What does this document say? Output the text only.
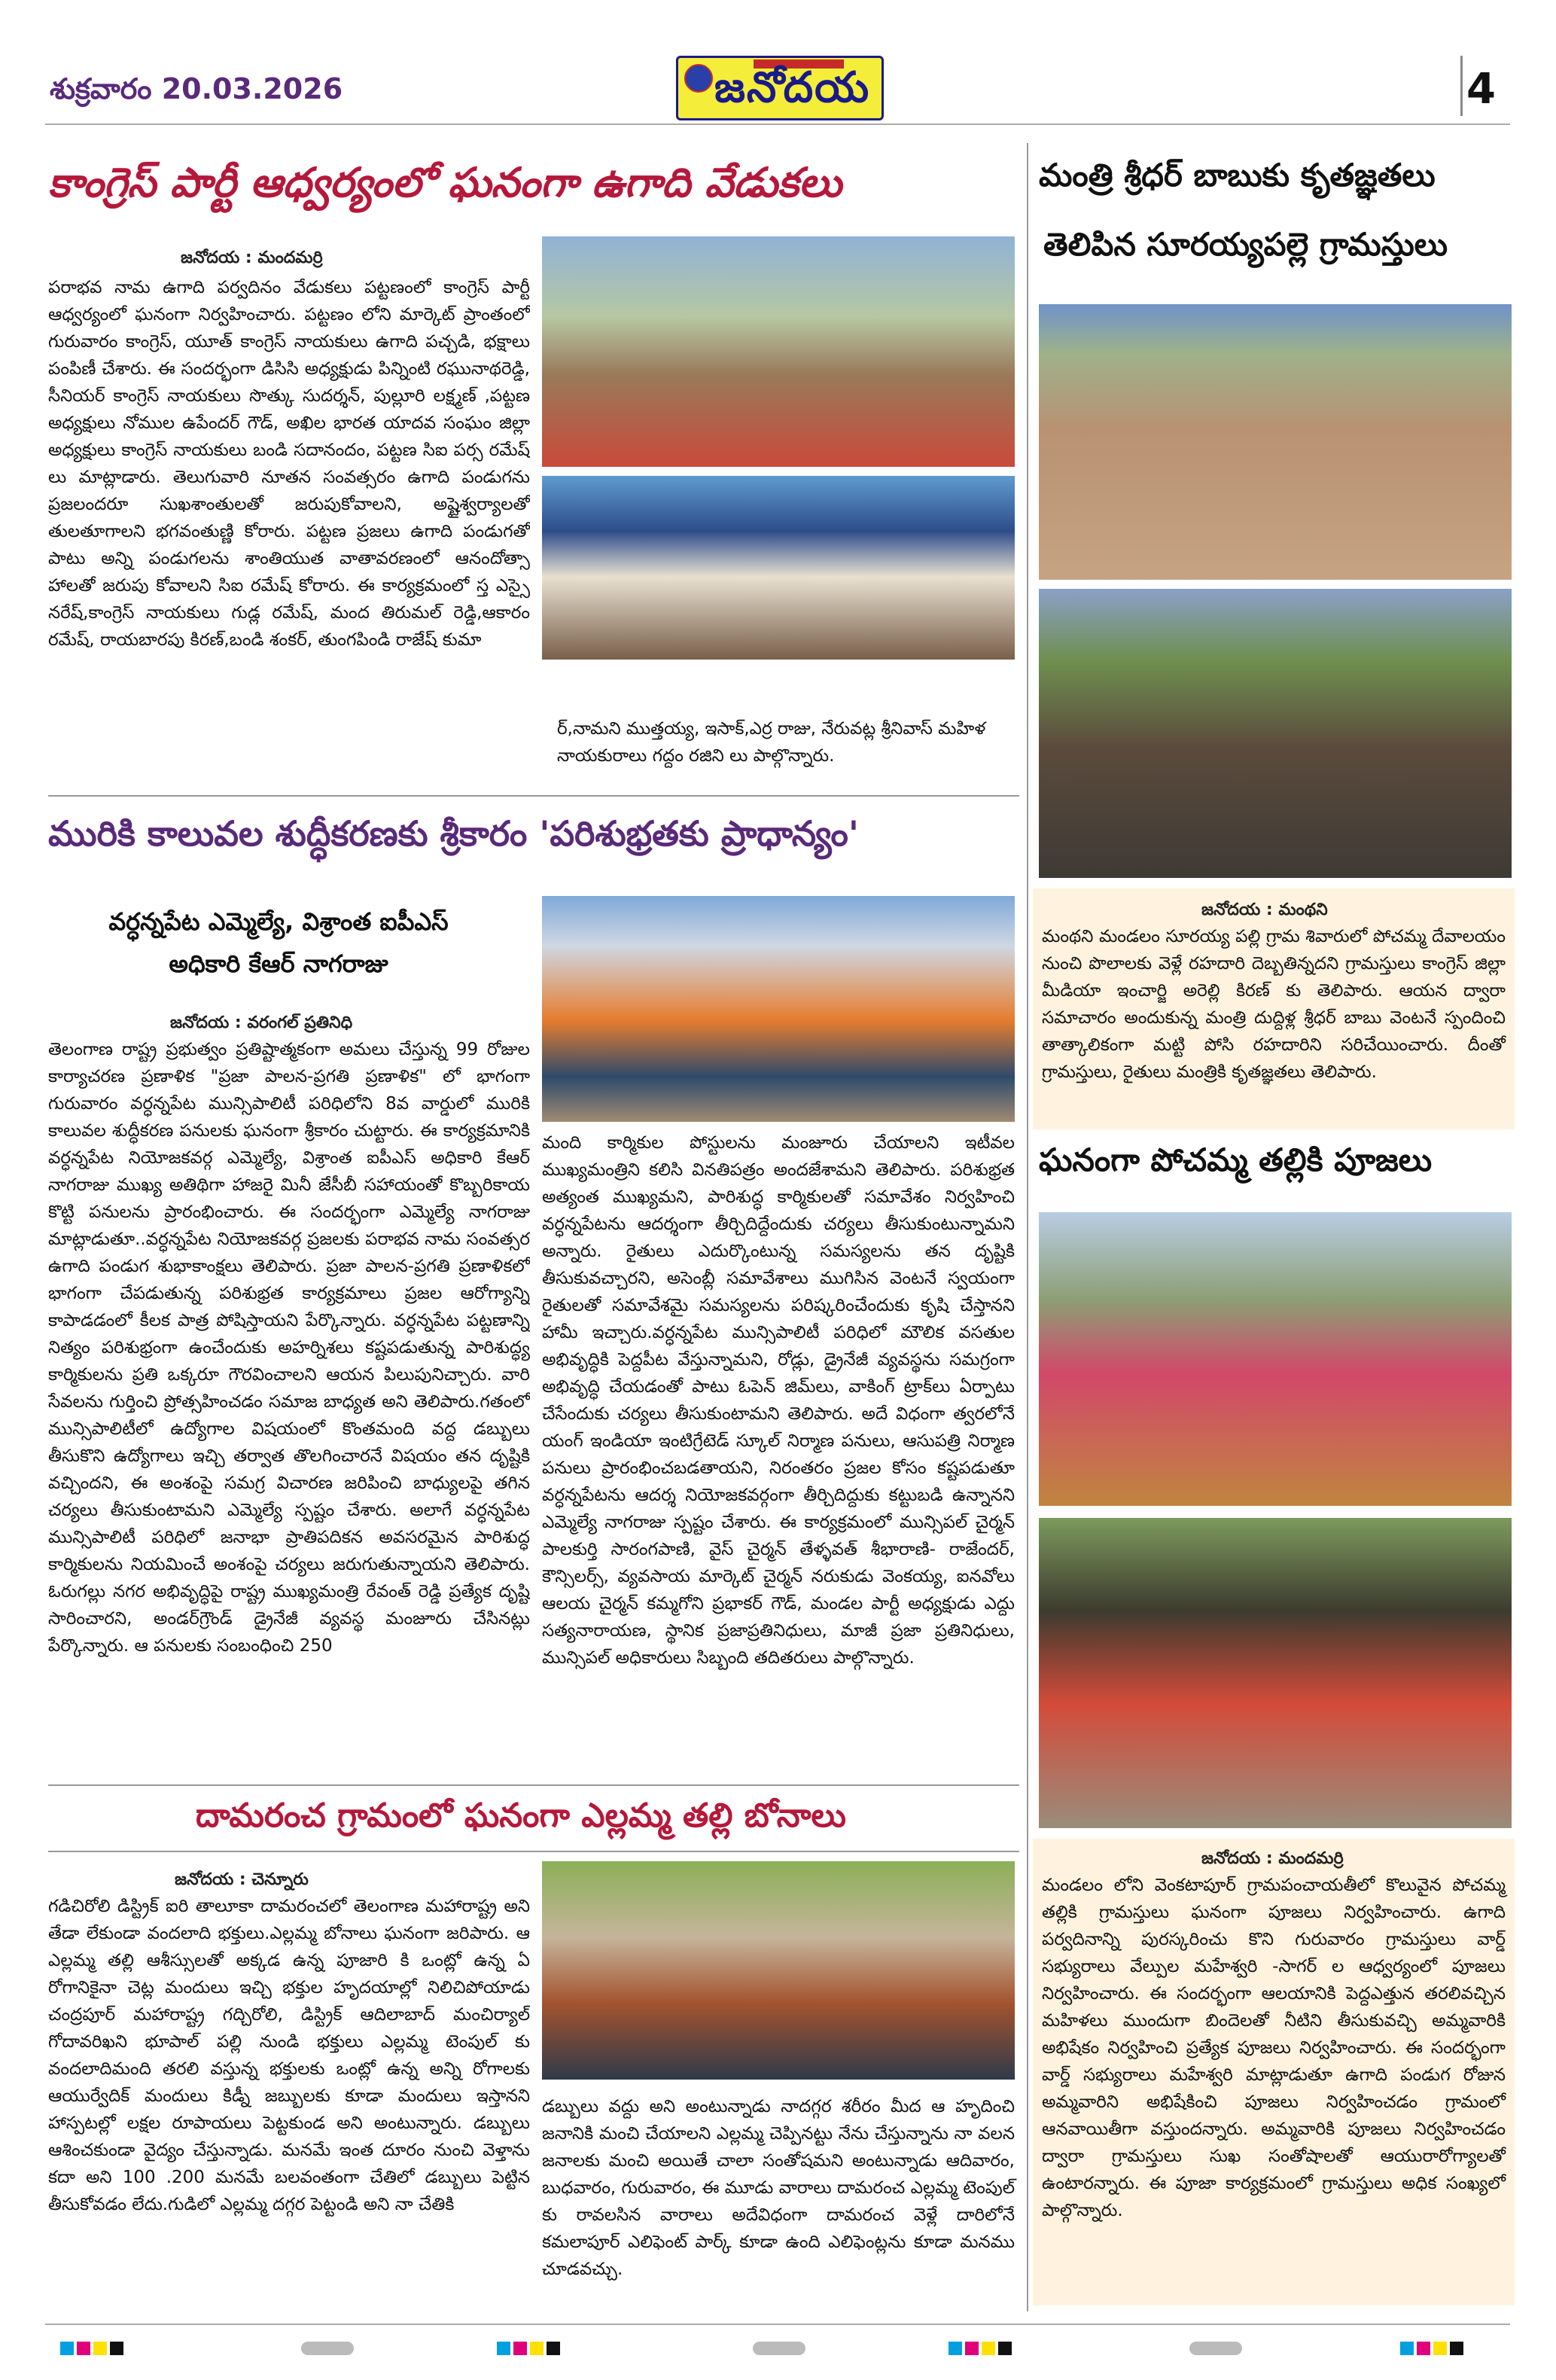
శుక్రవారం 20.03.2026	జనోదయ	4
కాంగ్రెస్ పార్టీ ఆధ్వర్యంలో ఘనంగా ఉగాది వేడుకలు
జనోదయ : మందమర్రి
పరాభవ నామ ఉగాది పర్వదినం వేడుకలు పట్టణంలో కాంగ్రెస్ పార్టీ ఆధ్వర్యంలో ఘనంగా నిర్వహించారు. పట్టణం లోని మార్కెట్ ప్రాంతంలో గురువారం కాంగ్రెస్, యూత్ కాంగ్రెస్ నాయకులు ఉగాది పచ్చడి, భక్షాలు పంపిణీ చేశారు. ఈ సందర్భంగా డిసిసి అధ్యక్షుడు పిన్నింటి రఘునాథరెడ్డి, సీనియర్ కాంగ్రెస్ నాయకులు సొత్కు సుదర్శన్, పుల్లూరి లక్ష్మణ్ ,పట్టణ అధ్యక్షులు నోముల ఉపేందర్ గౌడ్, అఖిల భారత యాదవ సంఘం జిల్లా అధ్యక్షులు కాంగ్రెస్ నాయకులు బండి సదానందం, పట్టణ సిఐ పర్స రమేష్ లు మాట్లాడారు. తెలుగువారి నూతన సంవత్సరం ఉగాది పండుగను ప్రజలందరూ సుఖశాంతులతో జరుపుకోవాలని, అష్టైశ్వర్యాలతో తులతూగాలని భగవంతుణ్ణి కోరారు. పట్టణ ప్రజలు ఉగాది పండుగతో పాటు అన్ని పండుగలను శాంతియుత వాతావరణంలో ఆనందోత్సా హాలతో జరుపు కోవాలని సిఐ రమేష్ కోరారు. ఈ కార్యక్రమంలో స్త ఎస్సై నరేష్,కాంగ్రెస్ నాయకులు గుడ్ల రమేష్, మంద తిరుమల్ రెడ్డి,ఆకారం రమేష్, రాయబారపు కిరణ్,బండి శంకర్, తుంగపిండి రాజేష్ కుమా
ర్,నామని ముత్తయ్య, ఇసాక్,ఎర్ర రాజు, నేరువట్ల శ్రీనివాస్ మహిళ నాయకురాలు గద్దం రజిని లు పాల్గొన్నారు.
మంత్రి శ్రీధర్ బాబుకు కృతజ్ఞతలు
తెలిపిన సూరయ్యపల్లె గ్రామస్తులు
జనోదయ : మంథని
మంథని మండలం సూరయ్య పల్లి గ్రామ శివారులో పోచమ్మ దేవాలయం నుంచి పొలాలకు వెళ్లే రహదారి దెబ్బతిన్నదని గ్రామస్తులు కాంగ్రెస్ జిల్లా మీడియా ఇంచార్జి అరెల్లి కిరణ్ కు తెలిపారు. ఆయన ద్వారా సమాచారం అందుకున్న మంత్రి దుద్దిళ్ల శ్రీధర్ బాబు వెంటనే స్పందించి తాత్కాలికంగా మట్టి పోసి రహదారిని సరిచేయించారు. దీంతో గ్రామస్తులు, రైతులు మంత్రికి కృతజ్ఞతలు తెలిపారు.
మురికి కాలువల శుద్ధీకరణకు శ్రీకారం 'పరిశుభ్రతకు ప్రాధాన్యం'
వర్ధన్నపేట ఎమ్మెల్యే, విశ్రాంత ఐపీఎస్ అధికారి కేఆర్ నాగరాజు
జనోదయ : వరంగల్ ప్రతినిధి
తెలంగాణ రాష్ట్ర ప్రభుత్వం ప్రతిష్టాత్మకంగా అమలు చేస్తున్న 99 రోజుల కార్యాచరణ ప్రణాళిక "ప్రజా పాలన-ప్రగతి ప్రణాళిక" లో భాగంగా గురువారం వర్ధన్నపేట మున్సిపాలిటీ పరిధిలోని 8వ వార్డులో మురికి కాలువల శుద్ధీకరణ పనులకు ఘనంగా శ్రీకారం చుట్టారు. ఈ కార్యక్రమానికి వర్ధన్నపేట నియోజకవర్గ ఎమ్మెల్యే, విశ్రాంత ఐపీఎస్ అధికారి కేఆర్ నాగరాజు ముఖ్య అతిథిగా హాజరై మినీ జేసీబీ సహాయంతో కొబ్బరికాయ కొట్టి పనులను ప్రారంభించారు. ఈ సందర్భంగా ఎమ్మెల్యే నాగరాజు మాట్లాడుతూ..వర్ధన్నపేట నియోజకవర్గ ప్రజలకు పరాభవ నామ సంవత్సర ఉగాది పండుగ శుభాకాంక్షలు తెలిపారు. ప్రజా పాలన-ప్రగతి ప్రణాళికలో భాగంగా చేపడుతున్న పరిశుభ్రత కార్యక్రమాలు ప్రజల ఆరోగ్యాన్ని కాపాడడంలో కీలక పాత్ర పోషిస్తాయని పేర్కొన్నారు. వర్ధన్నపేట పట్టణాన్ని నిత్యం పరిశుభ్రంగా ఉంచేందుకు అహర్నిశలు కష్టపడుతున్న పారిశుద్ధ్య కార్మికులను ప్రతి ఒక్కరూ గౌరవించాలని ఆయన పిలుపునిచ్చారు. వారి సేవలను గుర్తించి ప్రోత్సహించడం సమాజ బాధ్యత అని తెలిపారు.గతంలో మున్సిపాలిటీలో ఉద్యోగాల విషయంలో కొంతమంది వద్ద డబ్బులు తీసుకొని ఉద్యోగాలు ఇచ్చి తర్వాత తొలగించారనే విషయం తన దృష్టికి వచ్చిందని, ఈ అంశంపై సమగ్ర విచారణ జరిపించి బాధ్యులపై తగిన చర్యలు తీసుకుంటామని ఎమ్మెల్యే స్పష్టం చేశారు. అలాగే వర్ధన్నపేట మున్సిపాలిటీ పరిధిలో జనాభా ప్రాతిపదికన అవసరమైన పారిశుద్ధ కార్మికులను నియమించే అంశంపై చర్యలు జరుగుతున్నాయని తెలిపారు. ఓరుగల్లు నగర అభివృద్ధిపై రాష్ట్ర ముఖ్యమంత్రి రేవంత్ రెడ్డి ప్రత్యేక దృష్టి సారించారని, అండర్‌గ్రౌండ్ డ్రైనేజీ వ్యవస్థ మంజూరు చేసినట్లు పేర్కొన్నారు. ఆ పనులకు సంబంధించి 250
మంది కార్మికుల పోస్టులను మంజూరు చేయాలని ఇటీవల ముఖ్యమంత్రిని కలిసి వినతిపత్రం అందజేశామని తెలిపారు. పరిశుభ్రత అత్యంత ముఖ్యమని, పారిశుద్ధ కార్మికులతో సమావేశం నిర్వహించి వర్ధన్నపేటను ఆదర్శంగా తీర్చిదిద్దేందుకు చర్యలు తీసుకుంటున్నామని అన్నారు. రైతులు ఎదుర్కొంటున్న సమస్యలను తన దృష్టికి తీసుకువచ్చారని, అసెంబ్లీ సమావేశాలు ముగిసిన వెంటనే స్వయంగా రైతులతో సమావేశమై సమస్యలను పరిష్కరించేందుకు కృషి చేస్తానని హామీ ఇచ్చారు.వర్ధన్నపేట మున్సిపాలిటీ పరిధిలో మౌలిక వసతుల అభివృద్ధికి పెద్దపీట వేస్తున్నామని, రోడ్లు, డ్రైనేజీ వ్యవస్థను సమగ్రంగా అభివృద్ధి చేయడంతో పాటు ఓపెన్ జిమ్‌లు, వాకింగ్ ట్రాక్‌లు ఏర్పాటు చేసేందుకు చర్యలు తీసుకుంటామని తెలిపారు. అదే విధంగా త్వరలోనే యంగ్ ఇండియా ఇంటిగ్రేటెడ్ స్కూల్ నిర్మాణ పనులు, ఆసుపత్రి నిర్మాణ పనులు ప్రారంభించబడతాయని, నిరంతరం ప్రజల కోసం కష్టపడుతూ వర్ధన్నపేటను ఆదర్శ నియోజకవర్గంగా తీర్చిదిద్దుకు కట్టుబడి ఉన్నానని ఎమ్మెల్యే నాగరాజు స్పష్టం చేశారు. ఈ కార్యక్రమంలో మున్సిపల్ చైర్మన్ పాలకుర్తి సారంగపాణి, వైస్ చైర్మన్ తేళ్ళవత్ శీభారాణి- రాజేందర్, కౌన్సిలర్స్, వ్యవసాయ మార్కెట్ చైర్మన్ నరుకుడు వెంకయ్య, ఐనవోలు ఆలయ చైర్మన్ కమ్మగోని ప్రభాకర్ గౌడ్, మండల పార్టీ అధ్యక్షుడు ఎద్దు సత్యనారాయణ, స్థానిక ప్రజాప్రతినిధులు, మాజీ ప్రజా ప్రతినిధులు, మున్సిపల్ అధికారులు సిబ్బంది తదితరులు పాల్గొన్నారు.
ఘనంగా పోచమ్మ తల్లికి పూజలు
జనోదయ : మందమర్రి
మండలం లోని వెంకటాపూర్ గ్రామపంచాయతీలో కొలువైన పోచమ్మ తల్లికి గ్రామస్తులు ఘనంగా పూజలు నిర్వహించారు. ఉగాది పర్వదినాన్ని పురస్కరించు కొని గురువారం గ్రామస్తులు వార్డ్ సభ్యురాలు వేల్పుల మహేశ్వరి -సాగర్ ల ఆధ్వర్యంలో పూజలు నిర్వహించారు. ఈ సందర్భంగా ఆలయానికి పెద్దఎత్తున తరలివచ్చిన మహిళలు ముందుగా బిందెలతో నీటిని తీసుకువచ్చి అమ్మవారికి అభిషేకం నిర్వహించి ప్రత్యేక పూజలు నిర్వహించారు. ఈ సందర్భంగా వార్డ్ సభ్యురాలు మహేశ్వరి మాట్లాడుతూ ఉగాది పండుగ రోజున అమ్మవారిని అభిషేకించి పూజలు నిర్వహించడం గ్రామంలో ఆనవాయితీగా వస్తుందన్నారు. అమ్మవారికి పూజలు నిర్వహించడం ద్వారా గ్రామస్తులు సుఖ సంతోషాలతో ఆయురారోగ్యాలతో ఉంటారన్నారు. ఈ పూజా కార్యక్రమంలో గ్రామస్తులు అధిక సంఖ్యలో పాల్గొన్నారు.
దామరంచ గ్రామంలో ఘనంగా ఎల్లమ్మ తల్లి బోనాలు
జనోదయ : చెన్నూరు
గడిచిరోలి డిస్ట్రిక్ ఐరి తాలూకా దామరంచలో తెలంగాణ మహారాష్ట్ర అని తేడా లేకుండా వందలాది భక్తులు.ఎల్లమ్మ బోనాలు ఘనంగా జరిపారు. ఆ ఎల్లమ్మ తల్లి ఆశీస్సులతో అక్కడ ఉన్న పూజారి కి ఒంట్లో ఉన్న ఏ రోగానికైనా చెట్ల మందులు ఇచ్చి భక్తుల హృదయాల్లో నిలిచిపోయాడు చంద్రపూర్ మహారాష్ట్ర గద్చిరోలి, డిస్ట్రిక్ ఆదిలాబాద్ మంచిర్యాల్ గోదావరిఖని భూపాల్ పల్లి నుండి భక్తులు ఎల్లమ్మ టెంపుల్ కు వందలాదిమంది తరలి వస్తున్న భక్తులకు ఒంట్లో ఉన్న అన్ని రోగాలకు ఆయుర్వేదిక్ మందులు కిడ్నీ జబ్బులకు కూడా మందులు ఇస్తానని హాస్పటల్లో లక్షల రూపాయలు పెట్టకుండ అని అంటున్నారు. డబ్బులు ఆశించకుండా వైద్యం చేస్తున్నాడు. మనమే ఇంత దూరం నుంచి వెళ్తాను కదా అని 100 .200 మనమే బలవంతంగా చేతిలో డబ్బులు పెట్టిన తీసుకోవడం లేదు.గుడిలో ఎల్లమ్మ దగ్గర పెట్టండి అని నా చేతికి
డబ్బులు వద్దు అని అంటున్నాడు నాదగ్గర శరీరం మీద ఆ హృదించి జనానికి మంచి చేయాలని ఎల్లమ్మ చెప్పినట్టు నేను చేస్తున్నాను నా వలన జనాలకు మంచి అయితే చాలా సంతోషమని అంటున్నాడు ఆదివారం, బుధవారం, గురువారం, ఈ మూడు వారాలు దామరంచ ఎల్లమ్మ టెంపుల్ కు రావలసిన వారాలు అదేవిధంగా దామరంచ వెళ్లే దారిలోనే కమలాపూర్ ఎలిఫెంట్ పార్క్ కూడా ఉంది ఎలిఫెంట్లను కూడా మనము చూడవచ్చు.
